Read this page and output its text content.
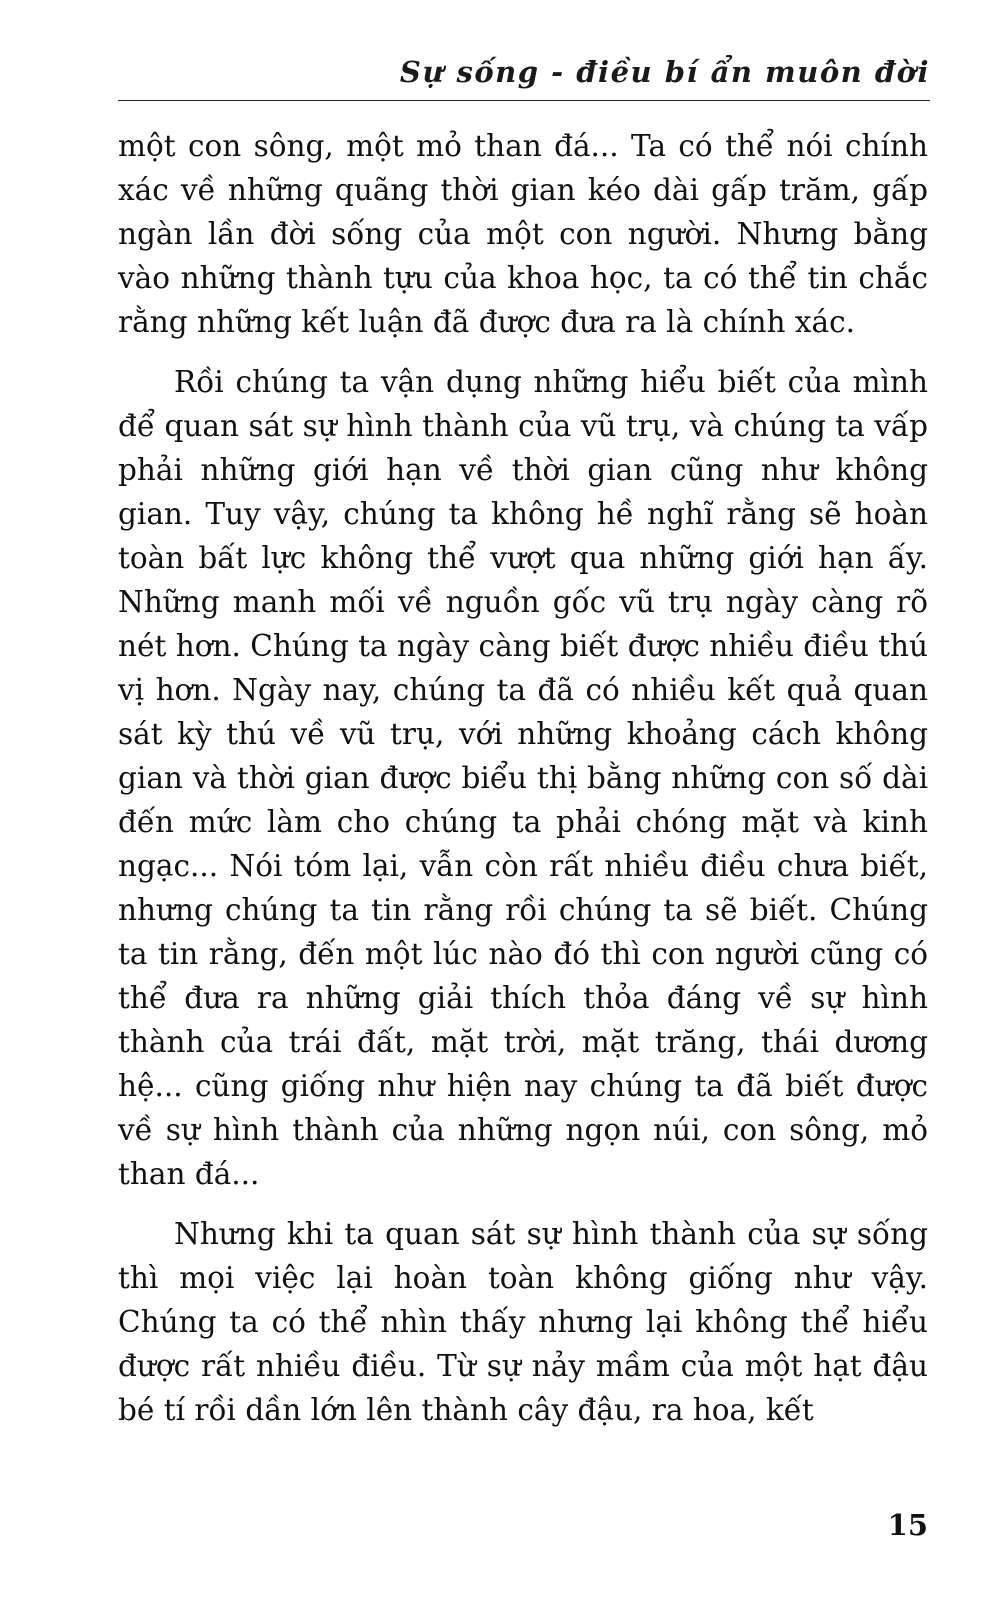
Sự sống - điều bí ẩn muôn đời

một con sông, một mỏ than đá... Ta có thể nói chính xác về những quãng thời gian kéo dài gấp trăm, gấp ngàn lần đời sống của một con người. Nhưng bằng vào những thành tựu của khoa học, ta có thể tin chắc rằng những kết luận đã được đưa ra là chính xác.

Rồi chúng ta vận dụng những hiểu biết của mình để quan sát sự hình thành của vũ trụ, và chúng ta vấp phải những giới hạn về thời gian cũng như không gian. Tuy vậy, chúng ta không hề nghĩ rằng sẽ hoàn toàn bất lực không thể vượt qua những giới hạn ấy. Những manh mối về nguồn gốc vũ trụ ngày càng rõ nét hơn. Chúng ta ngày càng biết được nhiều điều thú vị hơn. Ngày nay, chúng ta đã có nhiều kết quả quan sát kỳ thú về vũ trụ, với những khoảng cách không gian và thời gian được biểu thị bằng những con số dài đến mức làm cho chúng ta phải chóng mặt và kinh ngạc... Nói tóm lại, vẫn còn rất nhiều điều chưa biết, nhưng chúng ta tin rằng rồi chúng ta sẽ biết. Chúng ta tin rằng, đến một lúc nào đó thì con người cũng có thể đưa ra những giải thích thỏa đáng về sự hình thành của trái đất, mặt trời, mặt trăng, thái dương hệ... cũng giống như hiện nay chúng ta đã biết được về sự hình thành của những ngọn núi, con sông, mỏ than đá...

Nhưng khi ta quan sát sự hình thành của sự sống thì mọi việc lại hoàn toàn không giống như vậy. Chúng ta có thể nhìn thấy nhưng lại không thể hiểu được rất nhiều điều. Từ sự nảy mầm của một hạt đậu bé tí rồi dần lớn lên thành cây đậu, ra hoa, kết

15
